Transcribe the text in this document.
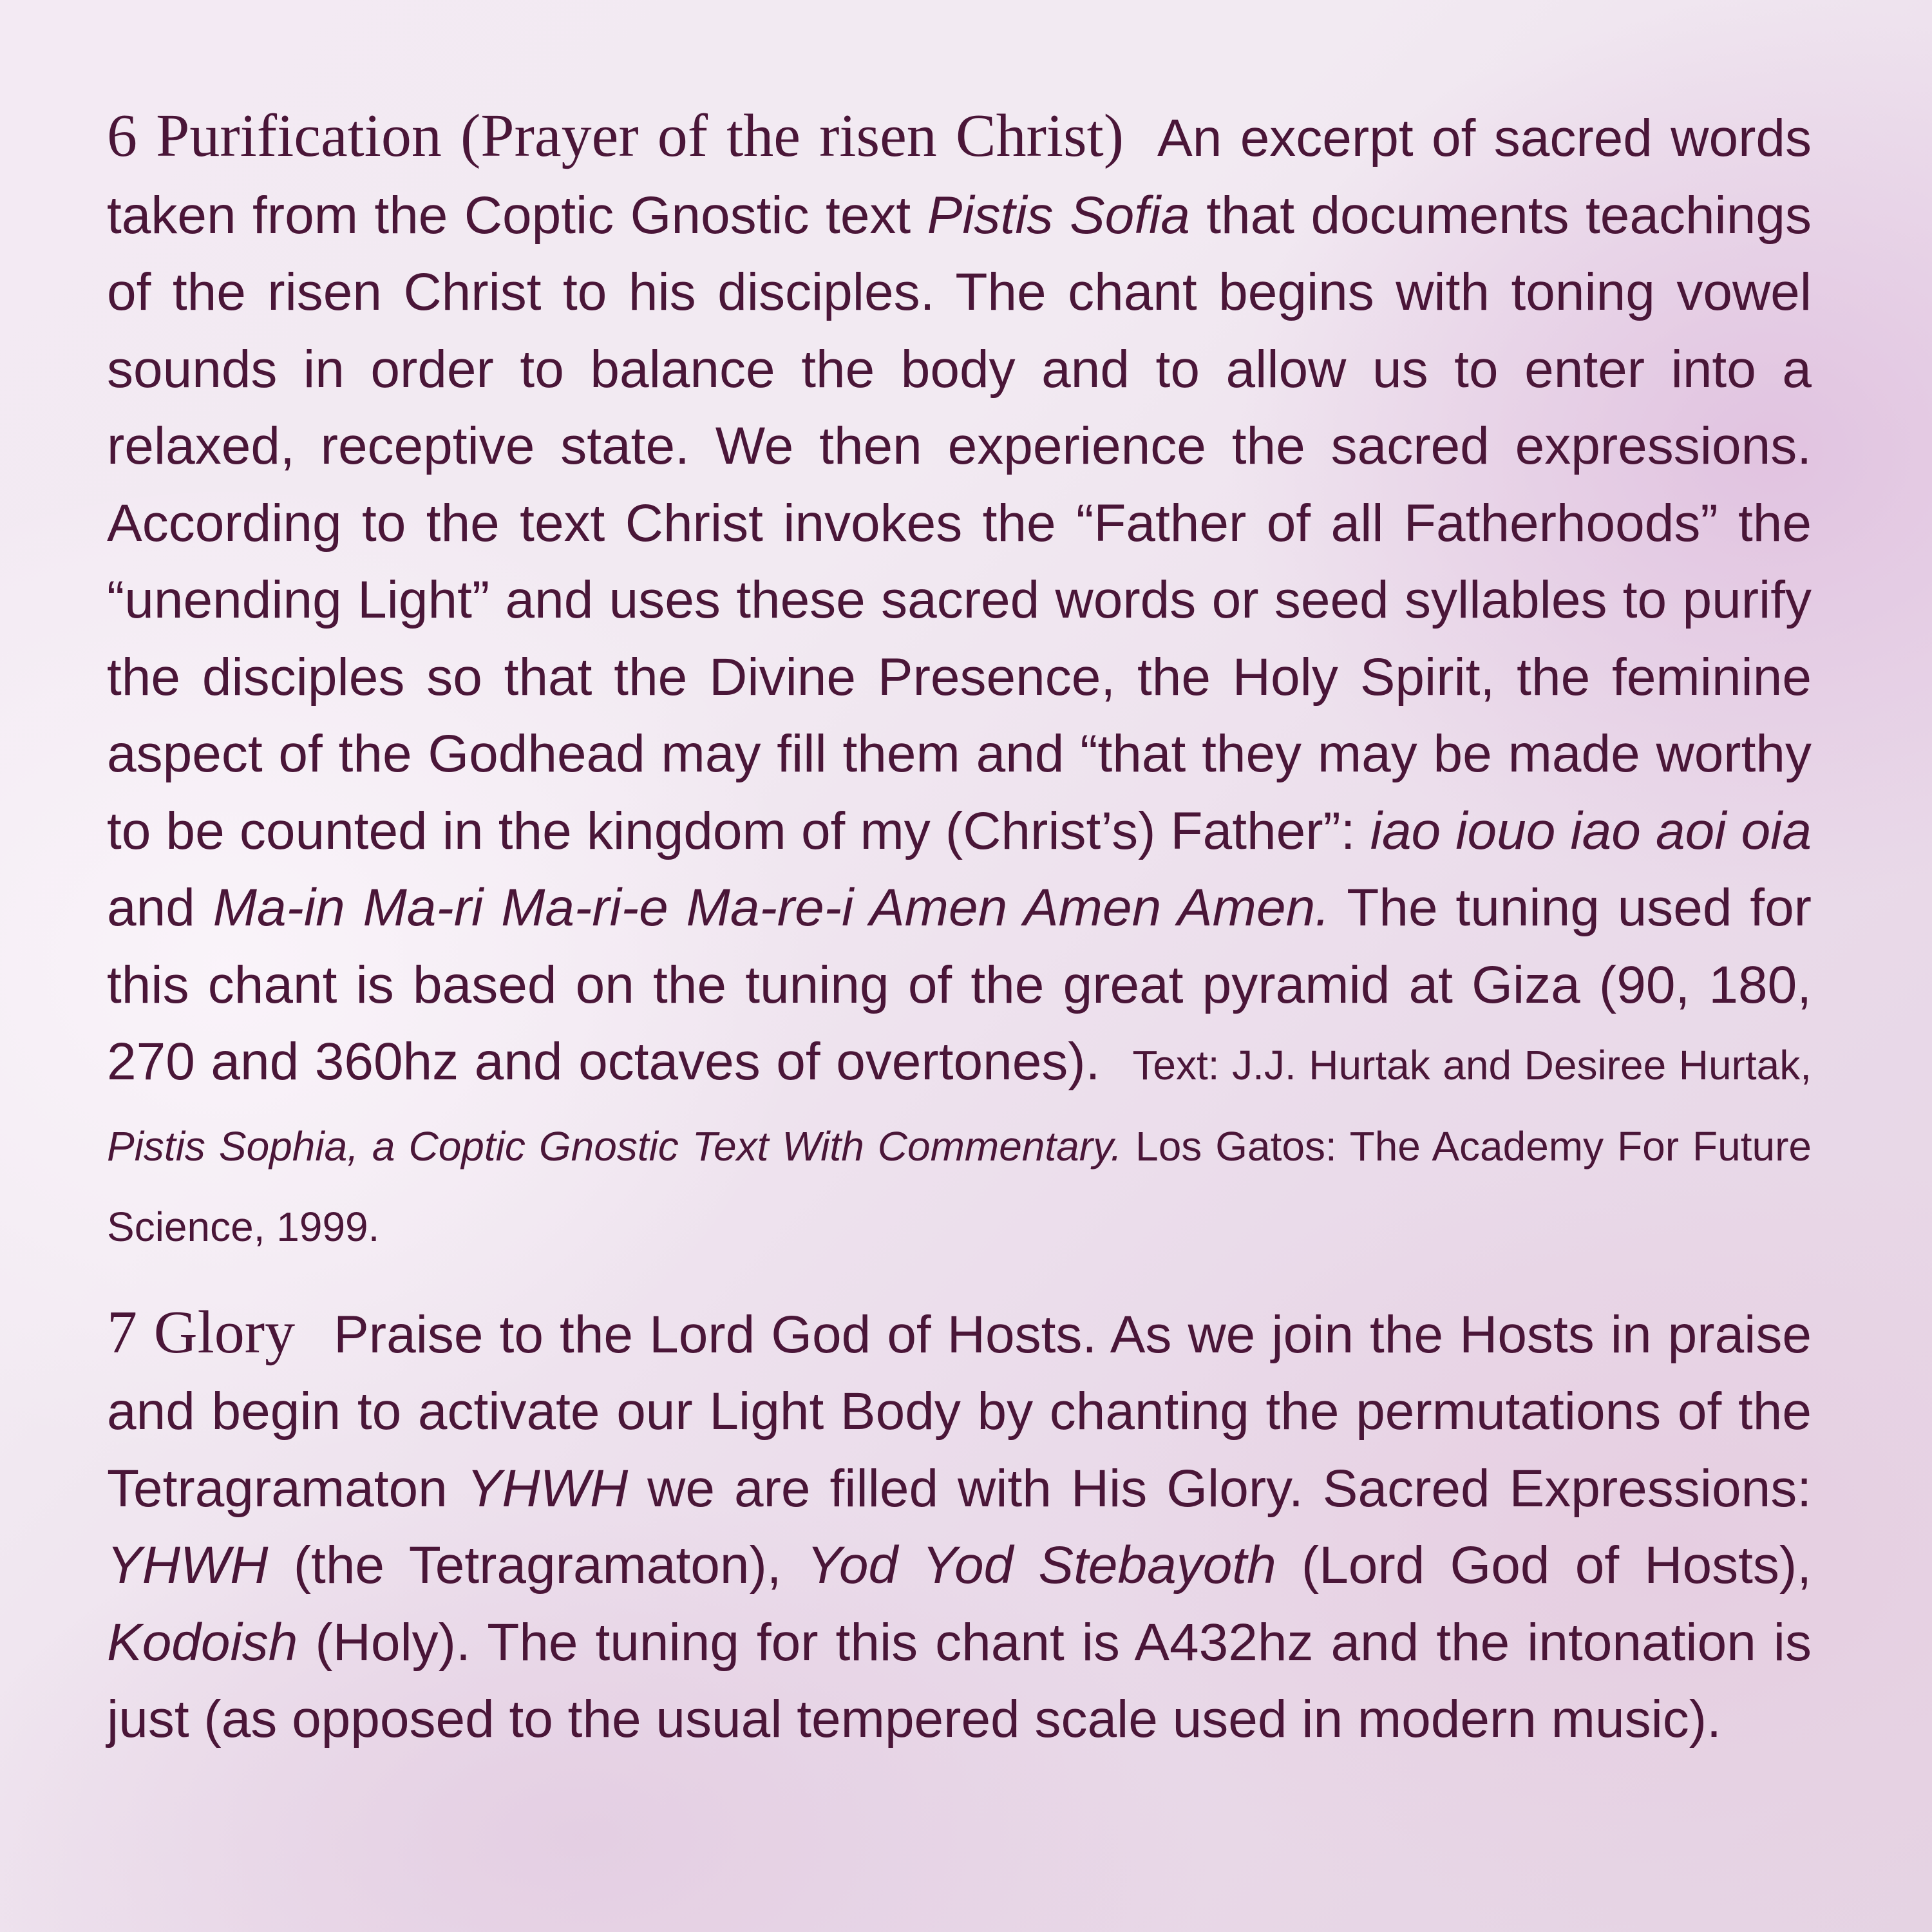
6 Purification (Prayer of the risen Christ) An excerpt of sacred words taken from the Coptic Gnostic text Pistis Sofia that documents teachings of the risen Christ to his disciples. The chant begins with toning vowel sounds in order to balance the body and to allow us to enter into a relaxed, receptive state. We then experience the sacred expressions. According to the text Christ invokes the “Father of all Fatherhoods” the “unending Light” and uses these sacred words or seed syllables to purify the disciples so that the Divine Presence, the Holy Spirit, the feminine aspect of the Godhead may fill them and “that they may be made worthy to be counted in the kingdom of my (Christ’s) Father”: iao iouo iao aoi oia and Ma-in Ma-ri Ma-ri-e Ma-re-i Amen Amen Amen. The tuning used for this chant is based on the tuning of the great pyramid at Giza (90, 180, 270 and 360hz and octaves of overtones). Text: J.J. Hurtak and Desiree Hurtak, Pistis Sophia, a Coptic Gnostic Text With Commentary. Los Gatos: The Academy For Future Science, 1999.

7 Glory Praise to the Lord God of Hosts. As we join the Hosts in praise and begin to activate our Light Body by chanting the permutations of the Tetragramaton YHWH we are filled with His Glory. Sacred Expressions: YHWH (the Tetragramaton), Yod Yod Stebayoth (Lord God of Hosts), Kodoish (Holy). The tuning for this chant is A432hz and the intonation is just (as opposed to the usual tempered scale used in modern music).
